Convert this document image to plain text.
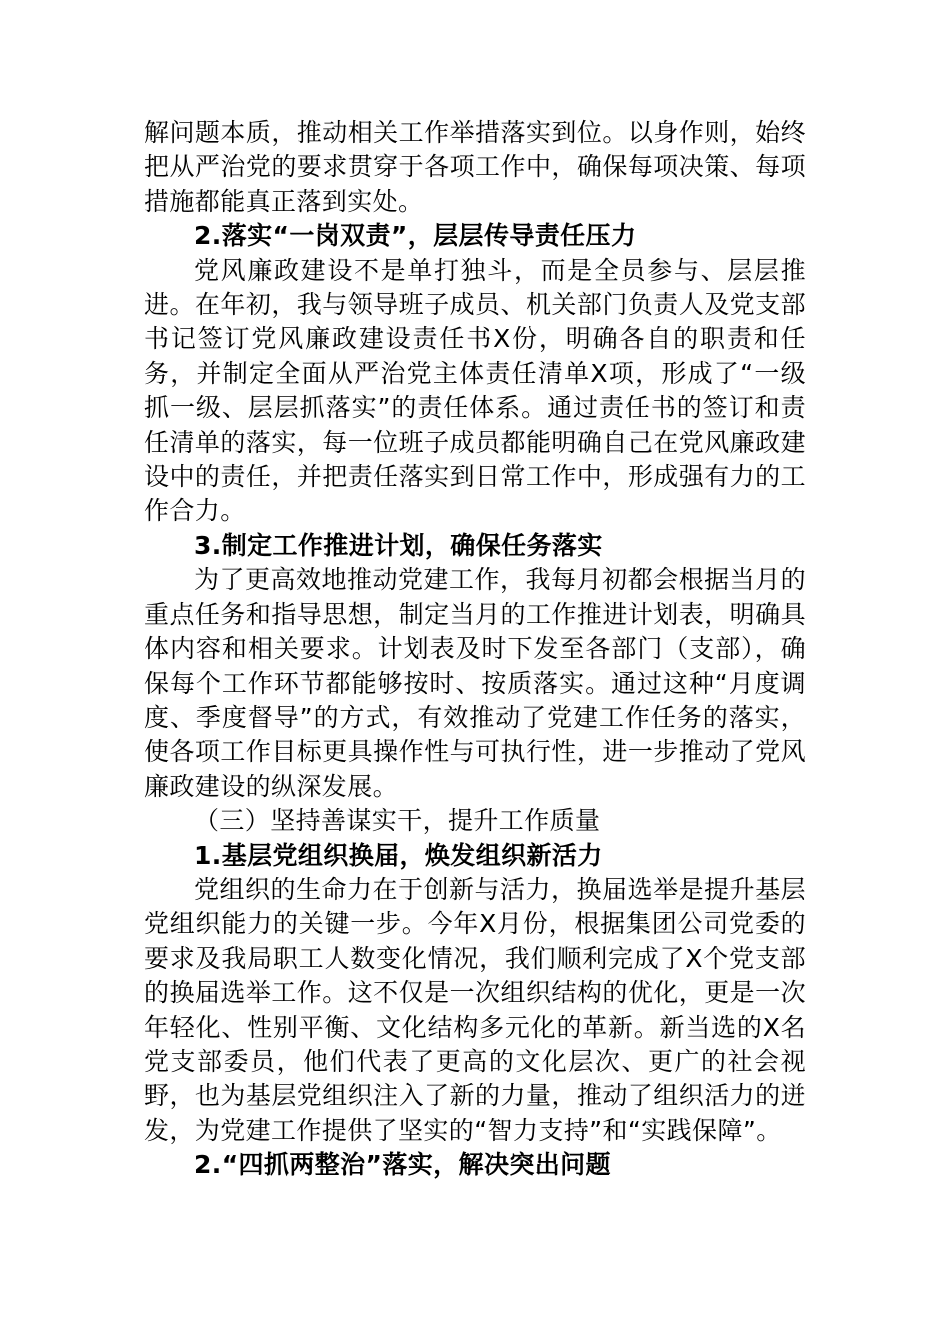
解问题本质，推动相关工作举措落实到位。以身作则，始终把从严治党的要求贯穿于各项工作中，确保每项决策、每项措施都能真正落到实处。

2.落实“一岗双责”，层层传导责任压力

党风廉政建设不是单打独斗，而是全员参与、层层推进。在年初，我与领导班子成员、机关部门负责人及党支部书记签订党风廉政建设责任书X份，明确各自的职责和任务，并制定全面从严治党主体责任清单X项，形成了“一级抓一级、层层抓落实”的责任体系。通过责任书的签订和责任清单的落实，每一位班子成员都能明确自己在党风廉政建设中的责任，并把责任落实到日常工作中，形成强有力的工作合力。

3.制定工作推进计划，确保任务落实

为了更高效地推动党建工作，我每月初都会根据当月的重点任务和指导思想，制定当月的工作推进计划表，明确具体内容和相关要求。计划表及时下发至各部门（支部），确保每个工作环节都能够按时、按质落实。通过这种“月度调度、季度督导”的方式，有效推动了党建工作任务的落实，使各项工作目标更具操作性与可执行性，进一步推动了党风廉政建设的纵深发展。

（三）坚持善谋实干，提升工作质量

1.基层党组织换届，焕发组织新活力

党组织的生命力在于创新与活力，换届选举是提升基层党组织能力的关键一步。今年X月份，根据集团公司党委的要求及我局职工人数变化情况，我们顺利完成了X个党支部的换届选举工作。这不仅是一次组织结构的优化，更是一次年轻化、性别平衡、文化结构多元化的革新。新当选的X名党支部委员，他们代表了更高的文化层次、更广的社会视野，也为基层党组织注入了新的力量，推动了组织活力的迸发，为党建工作提供了坚实的“智力支持”和“实践保障”。

2.“四抓两整治”落实，解决突出问题
